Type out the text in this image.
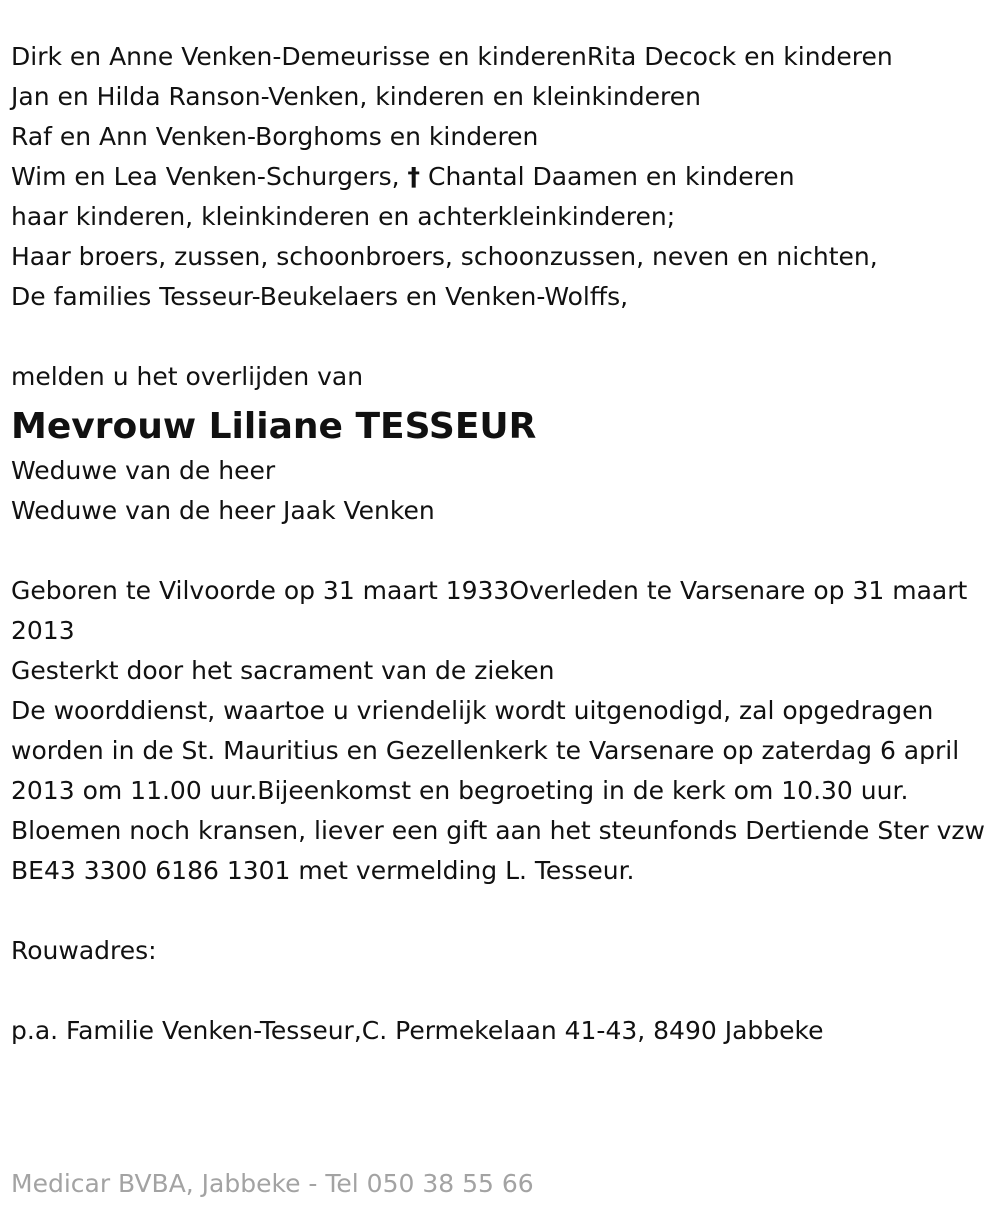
Dirk en Anne Venken-Demeurisse en kinderenRita Decock en kinderen

Jan en Hilda Ranson-Venken, kinderen en kleinkinderen

Raf en Ann Venken-Borghoms en kinderen

Wim en Lea Venken-Schurgers, † Chantal Daamen en kinderen

haar kinderen, kleinkinderen en achterkleinkinderen;

Haar broers, zussen, schoonbroers, schoonzussen, neven en nichten,

De families Tesseur-Beukelaers en Venken-Wolffs,

melden u het overlijden van

Mevrouw Liliane TESSEUR

Weduwe van de heer

Weduwe van de heer Jaak Venken

Geboren te Vilvoorde op 31 maart 1933Overleden te Varsenare op 31 maart 2013

Gesterkt door het sacrament van de zieken

De woorddienst, waartoe u vriendelijk wordt uitgenodigd, zal opgedragen worden in de St. Mauritius en Gezellenkerk te Varsenare op zaterdag 6 april 2013 om 11.00 uur.Bijeenkomst en begroeting in de kerk om 10.30 uur.

Bloemen noch kransen, liever een gift aan het steunfonds Dertiende Ster vzw BE43 3300 6186 1301 met vermelding L. Tesseur.

Rouwadres:

p.a. Familie Venken-Tesseur,C. Permekelaan 41-43, 8490 Jabbeke

Medicar BVBA, Jabbeke - Tel 050 38 55 66
